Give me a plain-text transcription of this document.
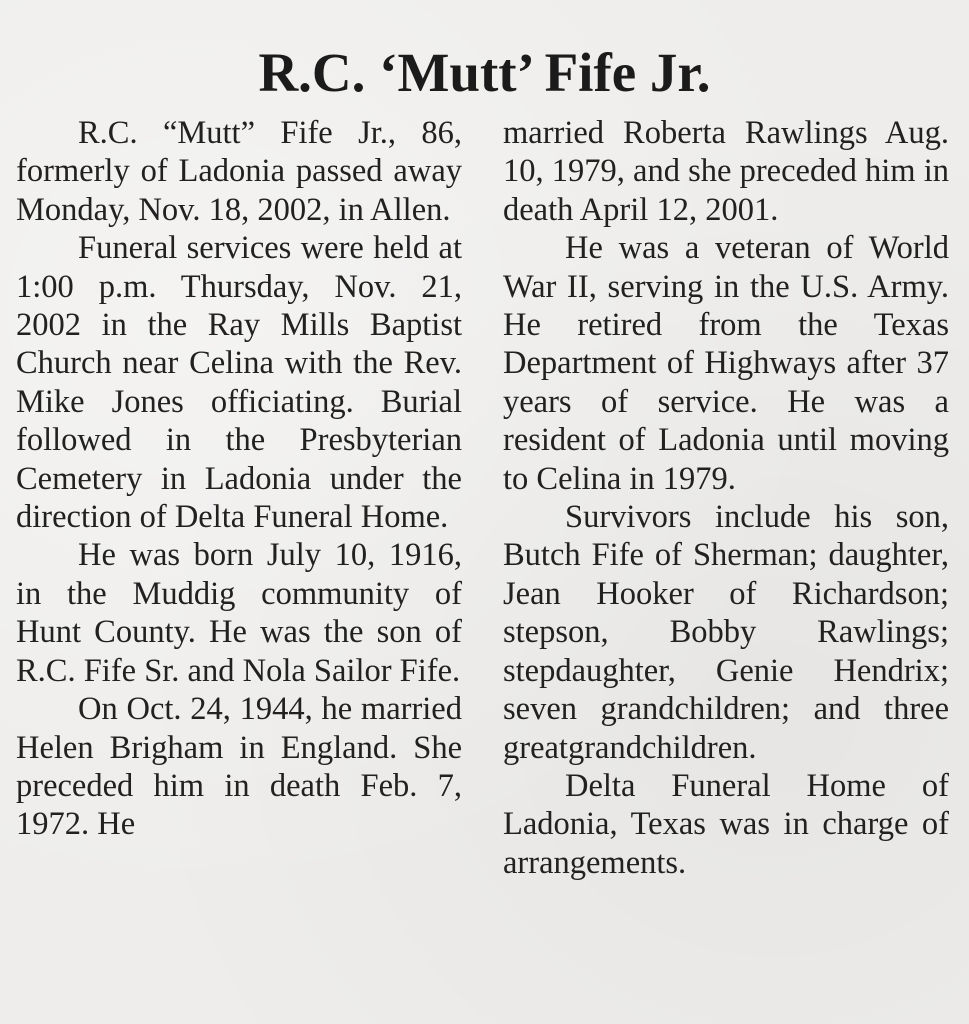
R.C. ‘Mutt’ Fife Jr.

R.C. “Mutt” Fife Jr., 86, formerly of Ladonia passed away Monday, Nov. 18, 2002, in Allen.

Funeral services were held at 1:00 p.m. Thursday, Nov. 21, 2002 in the Ray Mills Baptist Church near Celina with the Rev. Mike Jones officiating. Burial followed in the Presbyterian Cemetery in Ladonia under the direction of Delta Funeral Home.

He was born July 10, 1916, in the Muddig community of Hunt County. He was the son of R.C. Fife Sr. and Nola Sailor Fife.

On Oct. 24, 1944, he married Helen Brigham in England. She preceded him in death Feb. 7, 1972. He

married Roberta Rawlings Aug. 10, 1979, and she preceded him in death April 12, 2001.

He was a veteran of World War II, serving in the U.S. Army. He retired from the Texas Department of Highways after 37 years of service. He was a resident of Ladonia until moving to Celina in 1979.

Survivors include his son, Butch Fife of Sherman; daughter, Jean Hooker of Richardson; stepson, Bobby Rawlings; stepdaughter, Genie Hendrix; seven grandchildren; and three greatgrandchildren.

Delta Funeral Home of Ladonia, Texas was in charge of arrangements.
